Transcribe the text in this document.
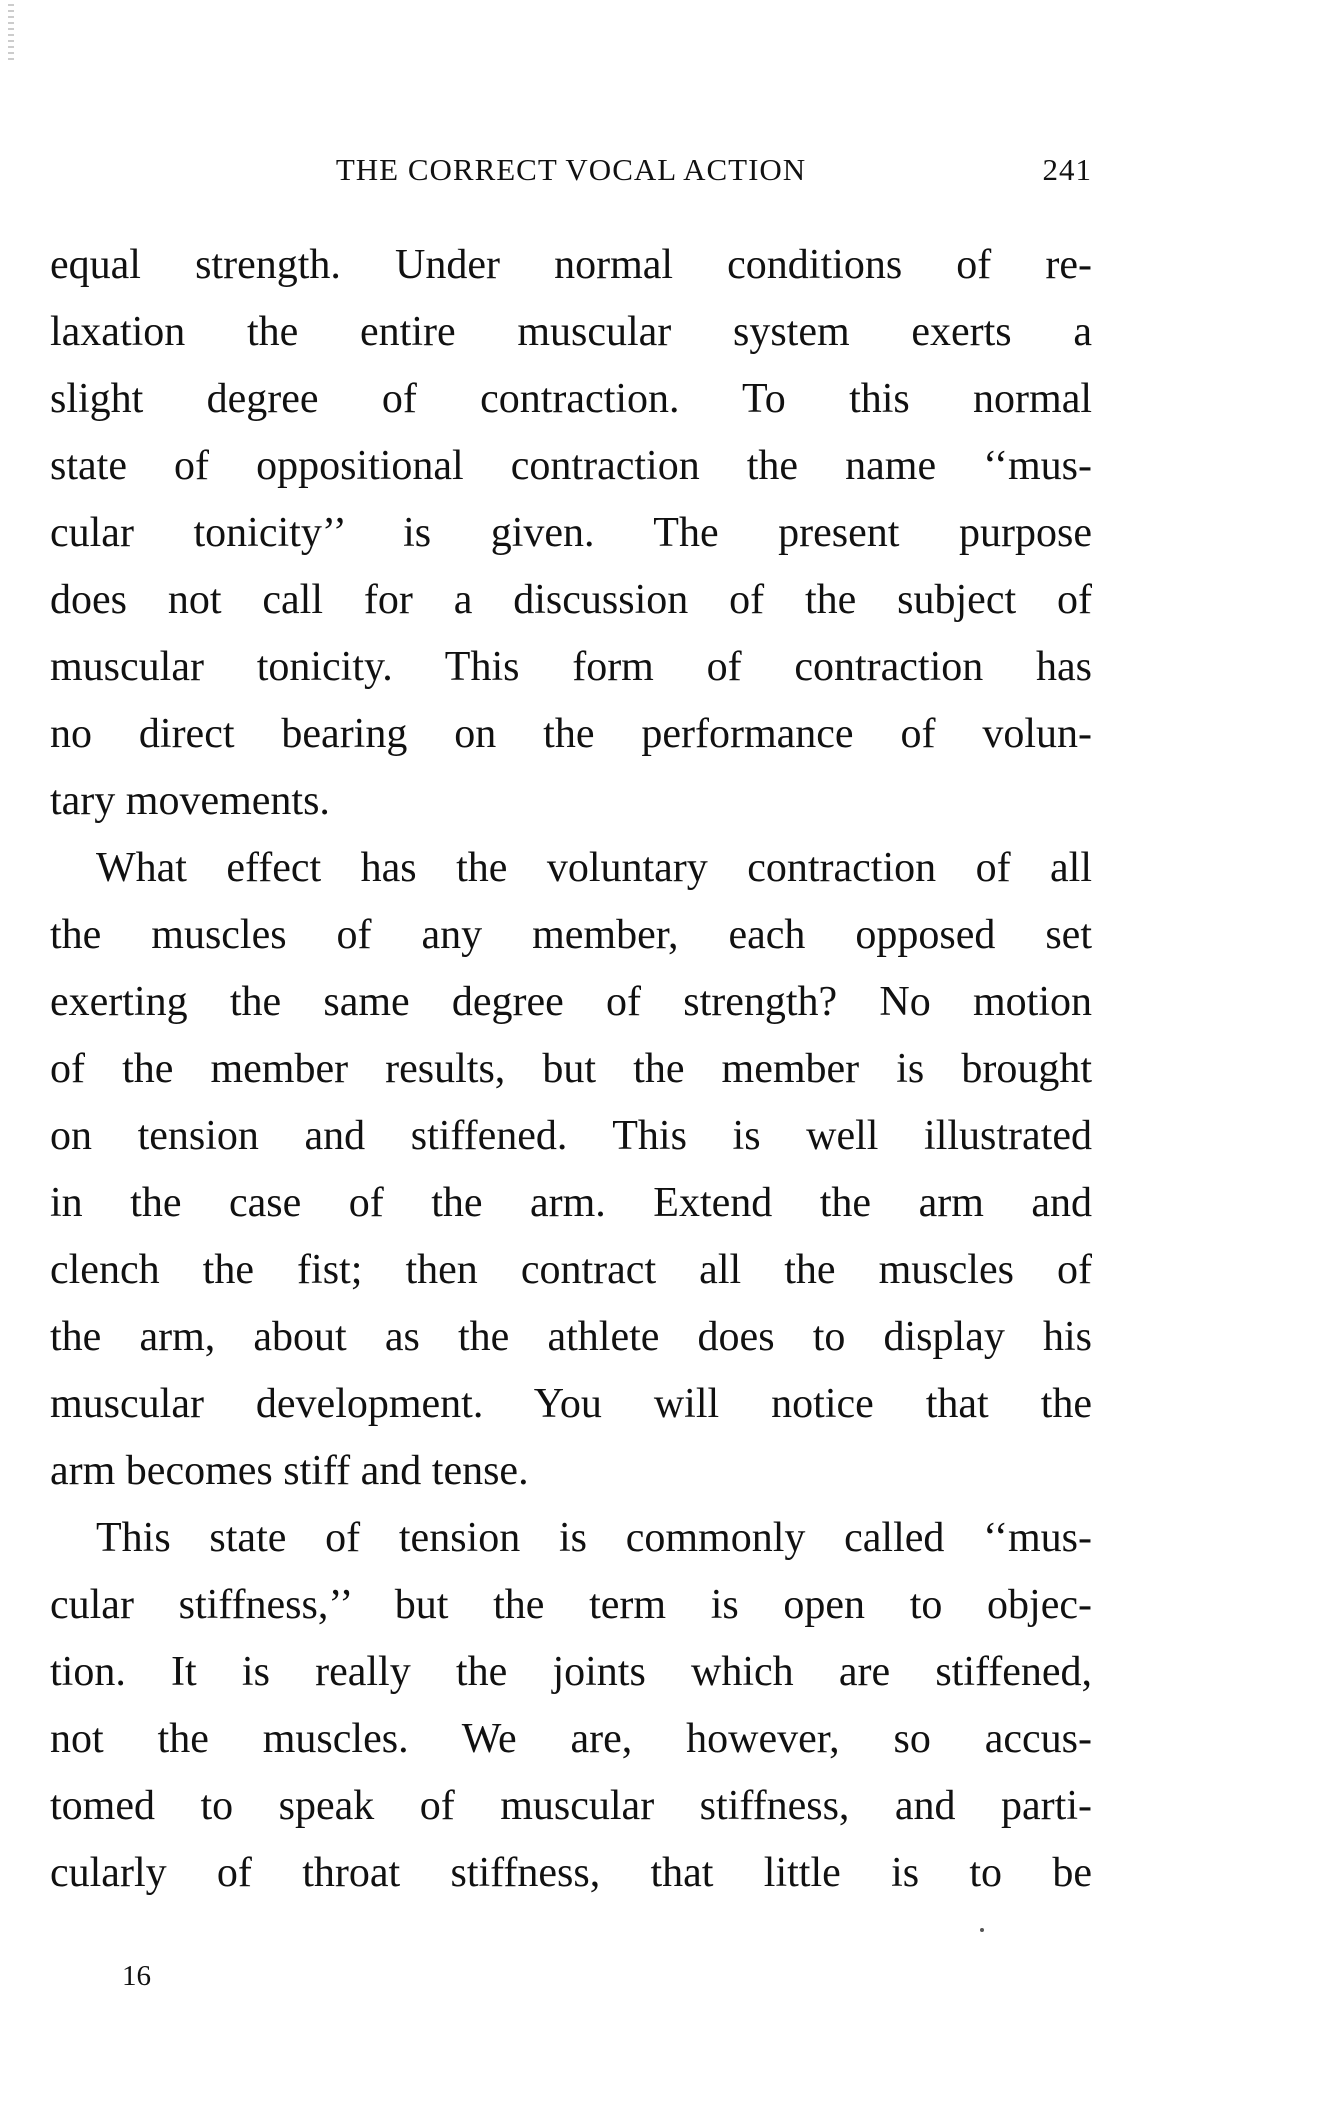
THE CORRECT VOCAL ACTION	241
equal strength. Under normal conditions of re-
laxation the entire muscular system exerts a
slight degree of contraction. To this normal
state of oppositional contraction the name ‘‘mus-
cular tonicity’’ is given. The present purpose
does not call for a discussion of the subject of
muscular tonicity. This form of contraction has
no direct bearing on the performance of volun-
tary movements.
What effect has the voluntary contraction of all
the muscles of any member, each opposed set
exerting the same degree of strength? No motion
of the member results, but the member is brought
on tension and stiffened. This is well illustrated
in the case of the arm. Extend the arm and
clench the fist; then contract all the muscles of
the arm, about as the athlete does to display his
muscular development. You will notice that the
arm becomes stiff and tense.
This state of tension is commonly called ‘‘mus-
cular stiffness,’’ but the term is open to objec-
tion. It is really the joints which are stiffened,
not the muscles. We are, however, so accus-
tomed to speak of muscular stiffness, and parti-
cularly of throat stiffness, that little is to be
16
